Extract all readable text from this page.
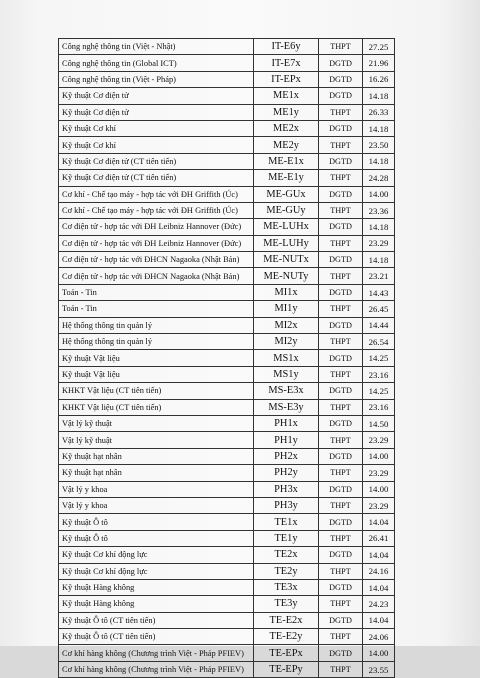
Công nghệ thông tin (Việt - Nhật)	IT-E6y	THPT	27.25
Công nghệ thông tin (Global ICT)	IT-E7x	DGTD	21.96
Công nghệ thông tin (Việt - Pháp)	IT-EPx	DGTD	16.26
Kỹ thuật Cơ điện tử	ME1x	DGTD	14.18
Kỹ thuật Cơ điện tử	ME1y	THPT	26.33
Kỹ thuật Cơ khí	ME2x	DGTD	14.18
Kỹ thuật Cơ khí	ME2y	THPT	23.50
Kỹ thuật Cơ điện tử (CT tiên tiến)	ME-E1x	DGTD	14.18
Kỹ thuật Cơ điện tử (CT tiên tiến)	ME-E1y	THPT	24.28
Cơ khí - Chế tạo máy - hợp tác với ĐH Griffith (Úc)	ME-GUx	DGTD	14.00
Cơ khí - Chế tạo máy - hợp tác với ĐH Griffith (Úc)	ME-GUy	THPT	23.36
Cơ điện tử - hợp tác với ĐH Leibniz Hannover (Đức)	ME-LUHx	DGTD	14.18
Cơ điện tử - hợp tác với ĐH Leibniz Hannover (Đức)	ME-LUHy	THPT	23.29
Cơ điện tử - hợp tác với ĐHCN Nagaoka (Nhật Bản)	ME-NUTx	DGTD	14.18
Cơ điện tử - hợp tác với ĐHCN Nagaoka (Nhật Bản)	ME-NUTy	THPT	23.21
Toán - Tin	MI1x	DGTD	14.43
Toán - Tin	MI1y	THPT	26.45
Hệ thống thông tin quản lý	MI2x	DGTD	14.44
Hệ thống thông tin quản lý	MI2y	THPT	26.54
Kỹ thuật Vật liệu	MS1x	DGTD	14.25
Kỹ thuật Vật liệu	MS1y	THPT	23.16
KHKT Vật liệu (CT tiên tiến)	MS-E3x	DGTD	14.25
KHKT Vật liệu (CT tiên tiến)	MS-E3y	THPT	23.16
Vật lý kỹ thuật	PH1x	DGTD	14.50
Vật lý kỹ thuật	PH1y	THPT	23.29
Kỹ thuật hạt nhân	PH2x	DGTD	14.00
Kỹ thuật hạt nhân	PH2y	THPT	23.29
Vật lý y khoa	PH3x	DGTD	14.00
Vật lý y khoa	PH3y	THPT	23.29
Kỹ thuật Ô tô	TE1x	DGTD	14.04
Kỹ thuật Ô tô	TE1y	THPT	26.41
Kỹ thuật Cơ khí động lực	TE2x	DGTD	14.04
Kỹ thuật Cơ khí động lực	TE2y	THPT	24.16
Kỹ thuật Hàng không	TE3x	DGTD	14.04
Kỹ thuật Hàng không	TE3y	THPT	24.23
Kỹ thuật Ô tô (CT tiên tiến)	TE-E2x	DGTD	14.04
Kỹ thuật Ô tô (CT tiên tiến)	TE-E2y	THPT	24.06
Cơ khí hàng không (Chương trình Việt - Pháp PFIEV)	TE-EPx	DGTD	14.00
Cơ khí hàng không (Chương trình Việt - Pháp PFIEV)	TE-EPy	THPT	23.55
